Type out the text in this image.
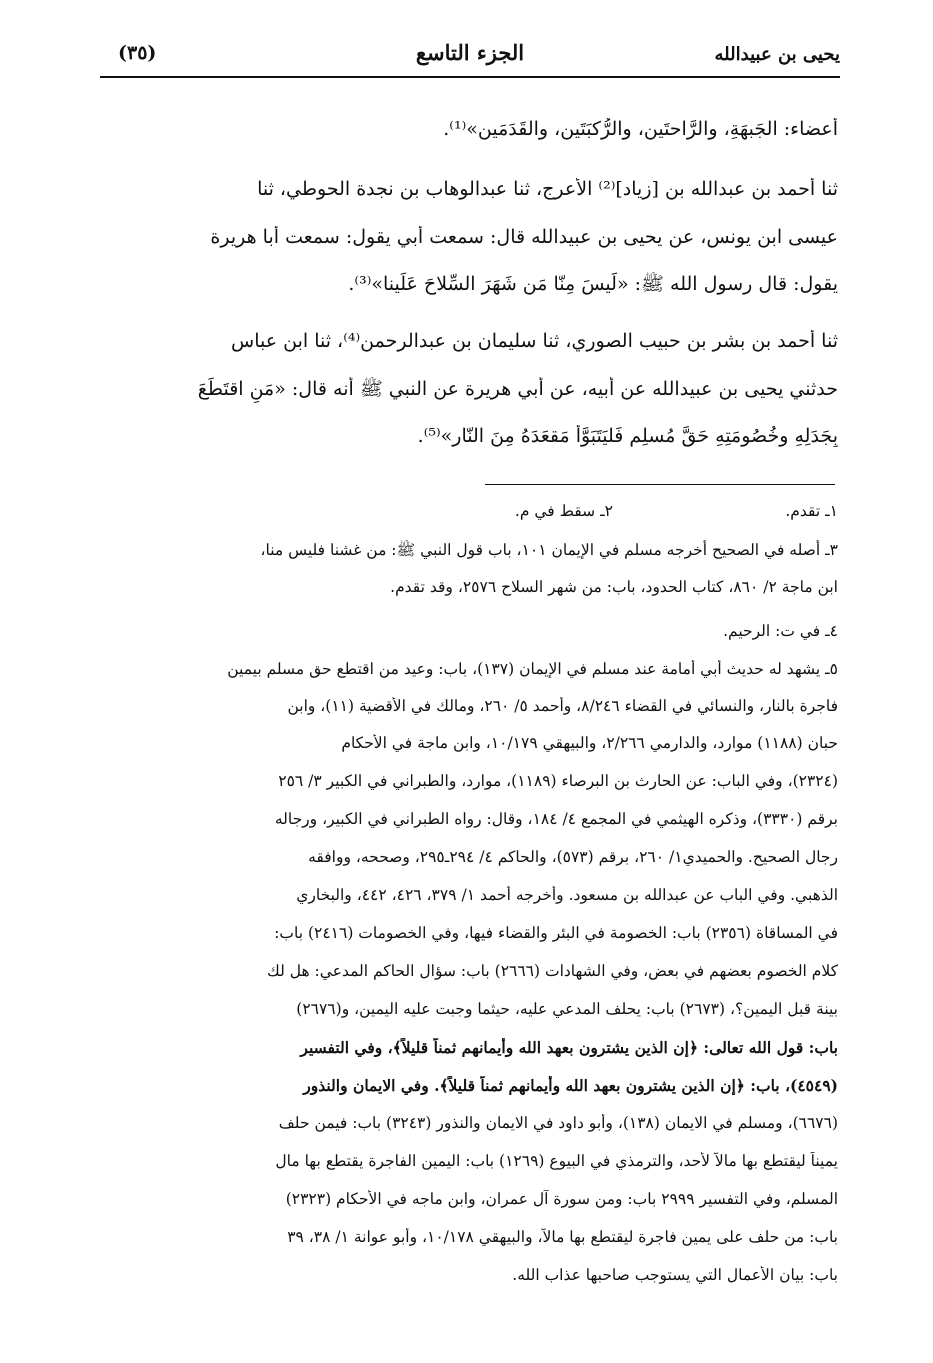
يحيى بن عبيدالله
الجزء التاسع
(٣٥)
أعضاء: الجَبهَةِ، والرَّاحتَينِ، والرُّكبَتَينِ، والقَدَمَينِ»⁽¹⁾.
ثنا أحمد بن عبدالله بن [زياد]⁽²⁾ الأعرج، ثنا عبدالوهاب بن نجدة الحوطي، ثنا
عيسى ابن يونس، عن يحيى بن عبيدالله قال: سمعت أبي يقول: سمعت أبا هريرة
يقول: قال رسول الله ﷺ: «لَيسَ مِنّا مَن شَهَرَ السِّلاحَ عَلَينا»⁽³⁾.
ثنا أحمد بن بشر بن حبيب الصوري، ثنا سليمان بن عبدالرحمن⁽⁴⁾، ثنا ابن عباس
حدثني يحيى بن عبيدالله عن أبيه، عن أبي هريرة عن النبي ﷺ أنه قال: «مَنِ اقتَطَعَ
بِجَدَلِهِ وخُصُومَتِهِ حَقَّ مُسلِمٍ فَليَتَبَوَّأْ مَقعَدَهُ مِنَ النّارِ»⁽⁵⁾.
١ـ تقدم.                                   ٢ـ سقط في م.
٣ـ أصله في الصحيح أخرجه مسلم في الإيمان ١٠١، باب قول النبي ﷺ: من غشنا فليس منا،
ابن ماجة ٢/ ٨٦٠، كتاب الحدود، باب: من شهر السلاح ٢٥٧٦، وقد تقدم.
٤ـ في ت: الرحيم.
٥ـ يشهد له حديث أبي أمامة عند مسلم في الإيمان (١٣٧)، باب: وعيد من اقتطع حق مسلم بيمين
فاجرة بالنار، والنسائي في القضاء ٨/٢٤٦، وأحمد ٥/ ٢٦٠، ومالك في الأقضية (١١)، وابن
حبان (١١٨٨) موارد، والدارمي ٢/٢٦٦، والبيهقي ١٠/١٧٩، وابن ماجة في الأحكام
(٢٣٢٤)، وفي الباب: عن الحارث بن البرصاء (١١٨٩)، موارد، والطبراني في الكبير ٣/ ٢٥٦
برقم (٣٣٣٠)، وذكره الهيثمي في المجمع ٤/ ١٨٤، وقال: رواه الطبراني في الكبير، ورجاله
رجال الصحيح. والحميدي١/ ٢٦٠، برقم (٥٧٣)، والحاكم ٤/ ٢٩٤ـ٢٩٥، وصححه، ووافقه
الذهبي. وفي الباب عن عبدالله بن مسعود. وأخرجه أحمد ١/ ٣٧٩، ٤٢٦، ٤٤٢، والبخاري
في المساقاة (٢٣٥٦) باب: الخصومة في البئر والقضاء فيها، وفي الخصومات (٢٤١٦) باب:
كلام الخصوم بعضهم في بعض، وفي الشهادات (٢٦٦٦) باب: سؤال الحاكم المدعي: هل لك
بينة قبل اليمين؟، (٢٦٧٣) باب: يحلف المدعي عليه، حيثما وجبت عليه اليمين، و(٢٦٧٦)
باب: قول الله تعالى: ﴿إن الذين يشترون بعهد الله وأيمانهم ثمناً قليلاً﴾، وفي التفسير
(٤٥٤٩)، باب: ﴿إن الذين يشترون بعهد الله وأيمانهم ثمناً قليلاً﴾. وفي الايمان والنذور
(٦٦٧٦)، ومسلم في الايمان (١٣٨)، وأبو داود في الايمان والنذور (٣٢٤٣) باب: فيمن حلف
يميناً ليقتطع بها مالاً لأحد، والترمذي في البيوع (١٢٦٩) باب: اليمين الفاجرة يقتطع بها مال
المسلم، وفي التفسير ٢٩٩٩ باب: ومن سورة آل عمران، وابن ماجه في الأحكام (٢٣٢٣)
باب: من حلف على يمين فاجرة ليقتطع بها مالاً، والبيهقي ١٠/١٧٨، وأبو عوانة ١/ ٣٨، ٣٩
باب: بيان الأعمال التي يستوجب صاحبها عذاب الله.
